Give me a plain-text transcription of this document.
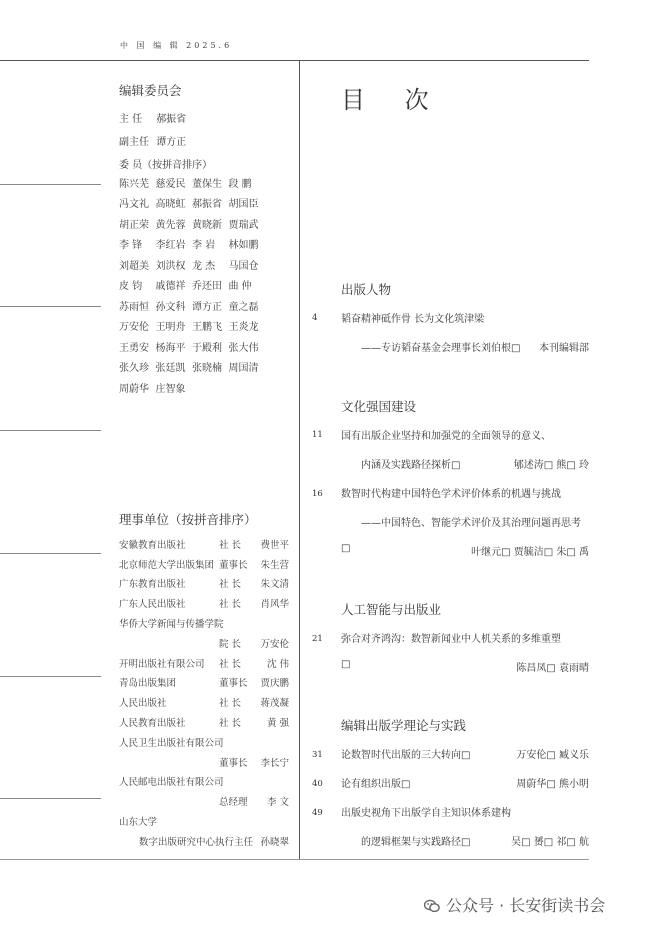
中 国 编 辑 2025.6
编辑委员会
主 任 郝振省
副主任 谭方正
委 员（按拼音排序）
陈兴芜 慈爱民 董保生 段 鹏
冯文礼 高晓虹 郝振省 胡国臣
胡正荣 黄先蓉 黄晓新 贾瑞武
李 锋	李红岩 李 岩	林如鹏
刘超美 刘洪权 龙 杰	马国仓
皮 钧	戚德祥 乔还田 曲 仲
苏雨恒 孙文科 谭方正 童之磊
万安伦 王明舟 王鹏飞 王炎龙
王勇安 杨海平 于殿利 张大伟
张久珍 张廷凯 张晓楠 周国清
周蔚华 庄智象
理事单位（按拼音排序）
安徽教育出版社	社 长	费世平
北京师范大学出版集团 董事长	朱生营
广东教育出版社	社 长	朱文清
广东人民出版社	社 长	肖风华
华侨大学新闻与传播学院
院 长	万安伦
开明出版社有限公司	社 长	沈 伟
青岛出版集团	董事长	贾庆鹏
人民出版社	社 长	蒋茂凝
人民教育出版社	社 长	黄 强
人民卫生出版社有限公司
董事长	李长宁
人民邮电出版社有限公司
总经理	李 文
山东大学
数字出版研究中心执行主任 孙晓翠
目 次
出版人物
4 韬奋精神砥作骨 长为文化筑津梁
——专访韬奋基金会理事长刘伯根□	本刊编辑部
文化强国建设
11 国有出版企业坚持和加强党的全面领导的意义、
内涵及实践路径探析□	郇述涛□ 熊□ 玲
16 数智时代构建中国特色学术评价体系的机遇与挑战
——中国特色、智能学术评价及其治理问题再思考
□	叶继元□ 贾毓洁□ 朱□ 禹
人工智能与出版业
21 弥合对齐鸿沟：数智新闻业中人机关系的多维重塑
□	陈昌凤□ 袁雨晴
编辑出版学理论与实践
31 论数智时代出版的三大转向□	万安伦□ 臧义乐
40 论有组织出版□	周蔚华□ 熊小明
49 出版史视角下出版学自主知识体系建构
的逻辑框架与实践路径□	吴□ 赟□ 祁□ 航
公众号 · 长安街读书会
